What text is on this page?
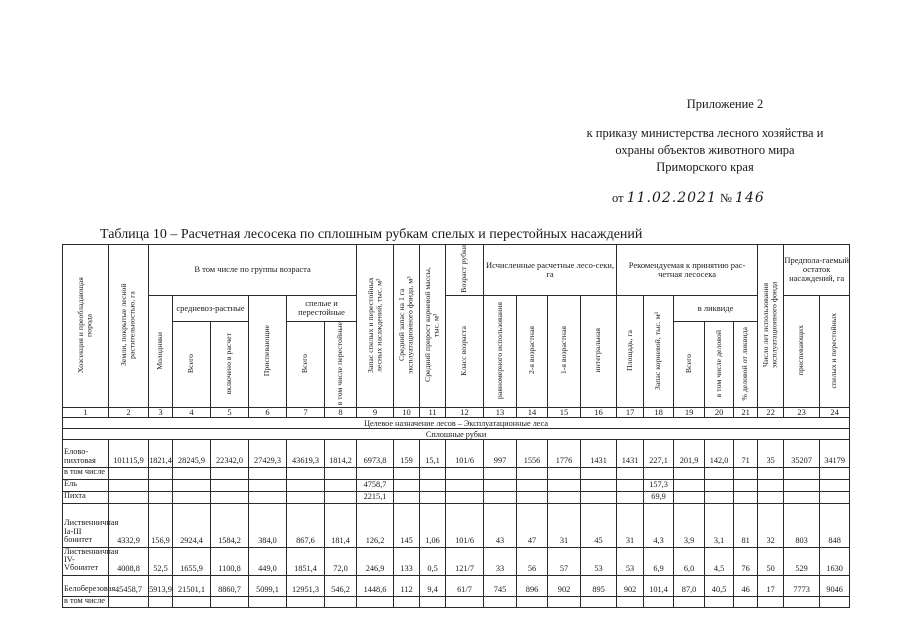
Приложение 2
к приказу министерства лесного хозяйства и
охраны объектов животного мира
Приморского края
от 11.02.2021 № 146
Таблица 10 – Расчетная лесосека по сплошным рубкам спелых и перестойных насаждений
Хозсекция и преобладающая порода	Земли, покрытые лесной растительностью, га	В том числе по группы возраста						Запас спелых и перестойных лесных насаждений, тыс. м³	Средний запас на 1 га эксплуатационного фонда, м³	Средний прирост корневой массы, тыс. м³	Возраст рубки	Исчисленные расчетные лесо-секи, га				Рекомендуемая к принятию рас-четная лесосека					Число лет использования эксплуатационного фонда	Предпола-гаемый остаток насаждений, га	
		Молодняки	средневоз-растные		Приспевающие	спелые и перестойные					Класс возраста	равномерного использования	2-я возрастная	1-я возрастная	интегральная	Площадь, га	Запас корневой, тыс. м³	в ликвиде				приспевающих	спелых и перестойных
			Всего	включено в расчет		Всего	в том числе перестойные											Всего	в том числе деловой	% деловой от ликвида			
1	2	3	4	5	6	7	8	9	10	11	12	13	14	15	16	17	18	19	20	21	22	23	24
Целевое назначение лесов – Эксплуатационные леса																							
Сплошные рубки																							
Елово-пихтовая	101115,9	1821,4	28245,9	22342,0	27429,3	43619,3	1814,2	6973,8	159	15,1	101/6	997	1556	1776	1431	1431	227,1	201,9	142,0	71	35	35207	34179
в том числе																							
Ель								4758,7									157,3						
Пихта								2215,1									69,9						
Лиственничная Ia-III бонитет	4332,9	156,9	2924,4	1584,2	384,0	867,6	181,4	126,2	145	1,06	101/6	43	47	31	45	31	4,3	3,9	3,1	81	32	803	848
Лиственничная IV-Vбонитет	4008,8	52,5	1655,9	1100,8	449,0	1851,4	72,0	246,9	133	0,5	121/7	33	56	57	53	53	6,9	6,0	4,5	76	50	529	1630
Белоберезовая	45458,7	5913,9	21501,1	8860,7	5099,1	12951,3	546,2	1448,6	112	9,4	61/7	745	896	902	895	902	101,4	87,0	40,5	46	17	7773	9046
в том числе																							
